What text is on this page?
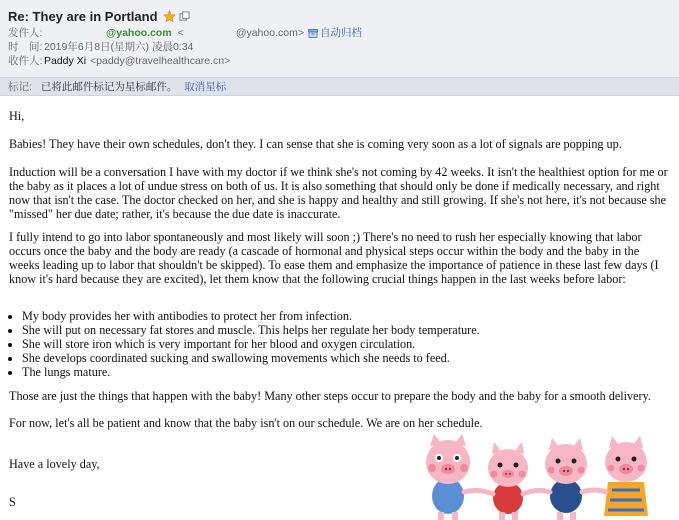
Re: They are in Portland
发件人:	@yahoo.com <	@yahoo.com> 自动归档
时　间: 2019年6月8日(星期六) 凌晨0:34
收件人: Paddy Xi <paddy@travelhealthcare.cn>
标记: 已将此邮件标记为星标邮件。 取消星标

Hi,

Babies! They have their own schedules, don't they. I can sense that she is coming very soon as a lot of signals are popping up.

Induction will be a conversation I have with my doctor if we think she's not coming by 42 weeks. It isn't the healthiest option for me or the baby as it places a lot of undue stress on both of us. It is also something that should only be done if medically necessary, and right now that isn't the case. The doctor checked on her, and she is happy and healthy and still growing. If she's not here, it's not because she "missed" her due date; rather, it's because the due date is inaccurate.

I fully intend to go into labor spontaneously and most likely will soon ;) There's no need to rush her especially knowing that labor occurs once the baby and the body are ready (a cascade of hormonal and physical steps occur within the body and the baby in the weeks leading up to labor that shouldn't be skipped). To ease them and emphasize the importance of patience in these last few days (I know it's hard because they are excited), let them know that the following crucial things happen in the last weeks before labor:

• My body provides her with antibodies to protect her from infection.
• She will put on necessary fat stores and muscle. This helps her regulate her body temperature.
• She will store iron which is very important for her blood and oxygen circulation.
• She develops coordinated sucking and swallowing movements which she needs to feed.
• The lungs mature.

Those are just the things that happen with the baby! Many other steps occur to prepare the body and the baby for a smooth delivery.

For now, let's all be patient and know that the baby isn't on our schedule. We are on her schedule.

Have a lovely day,

S
